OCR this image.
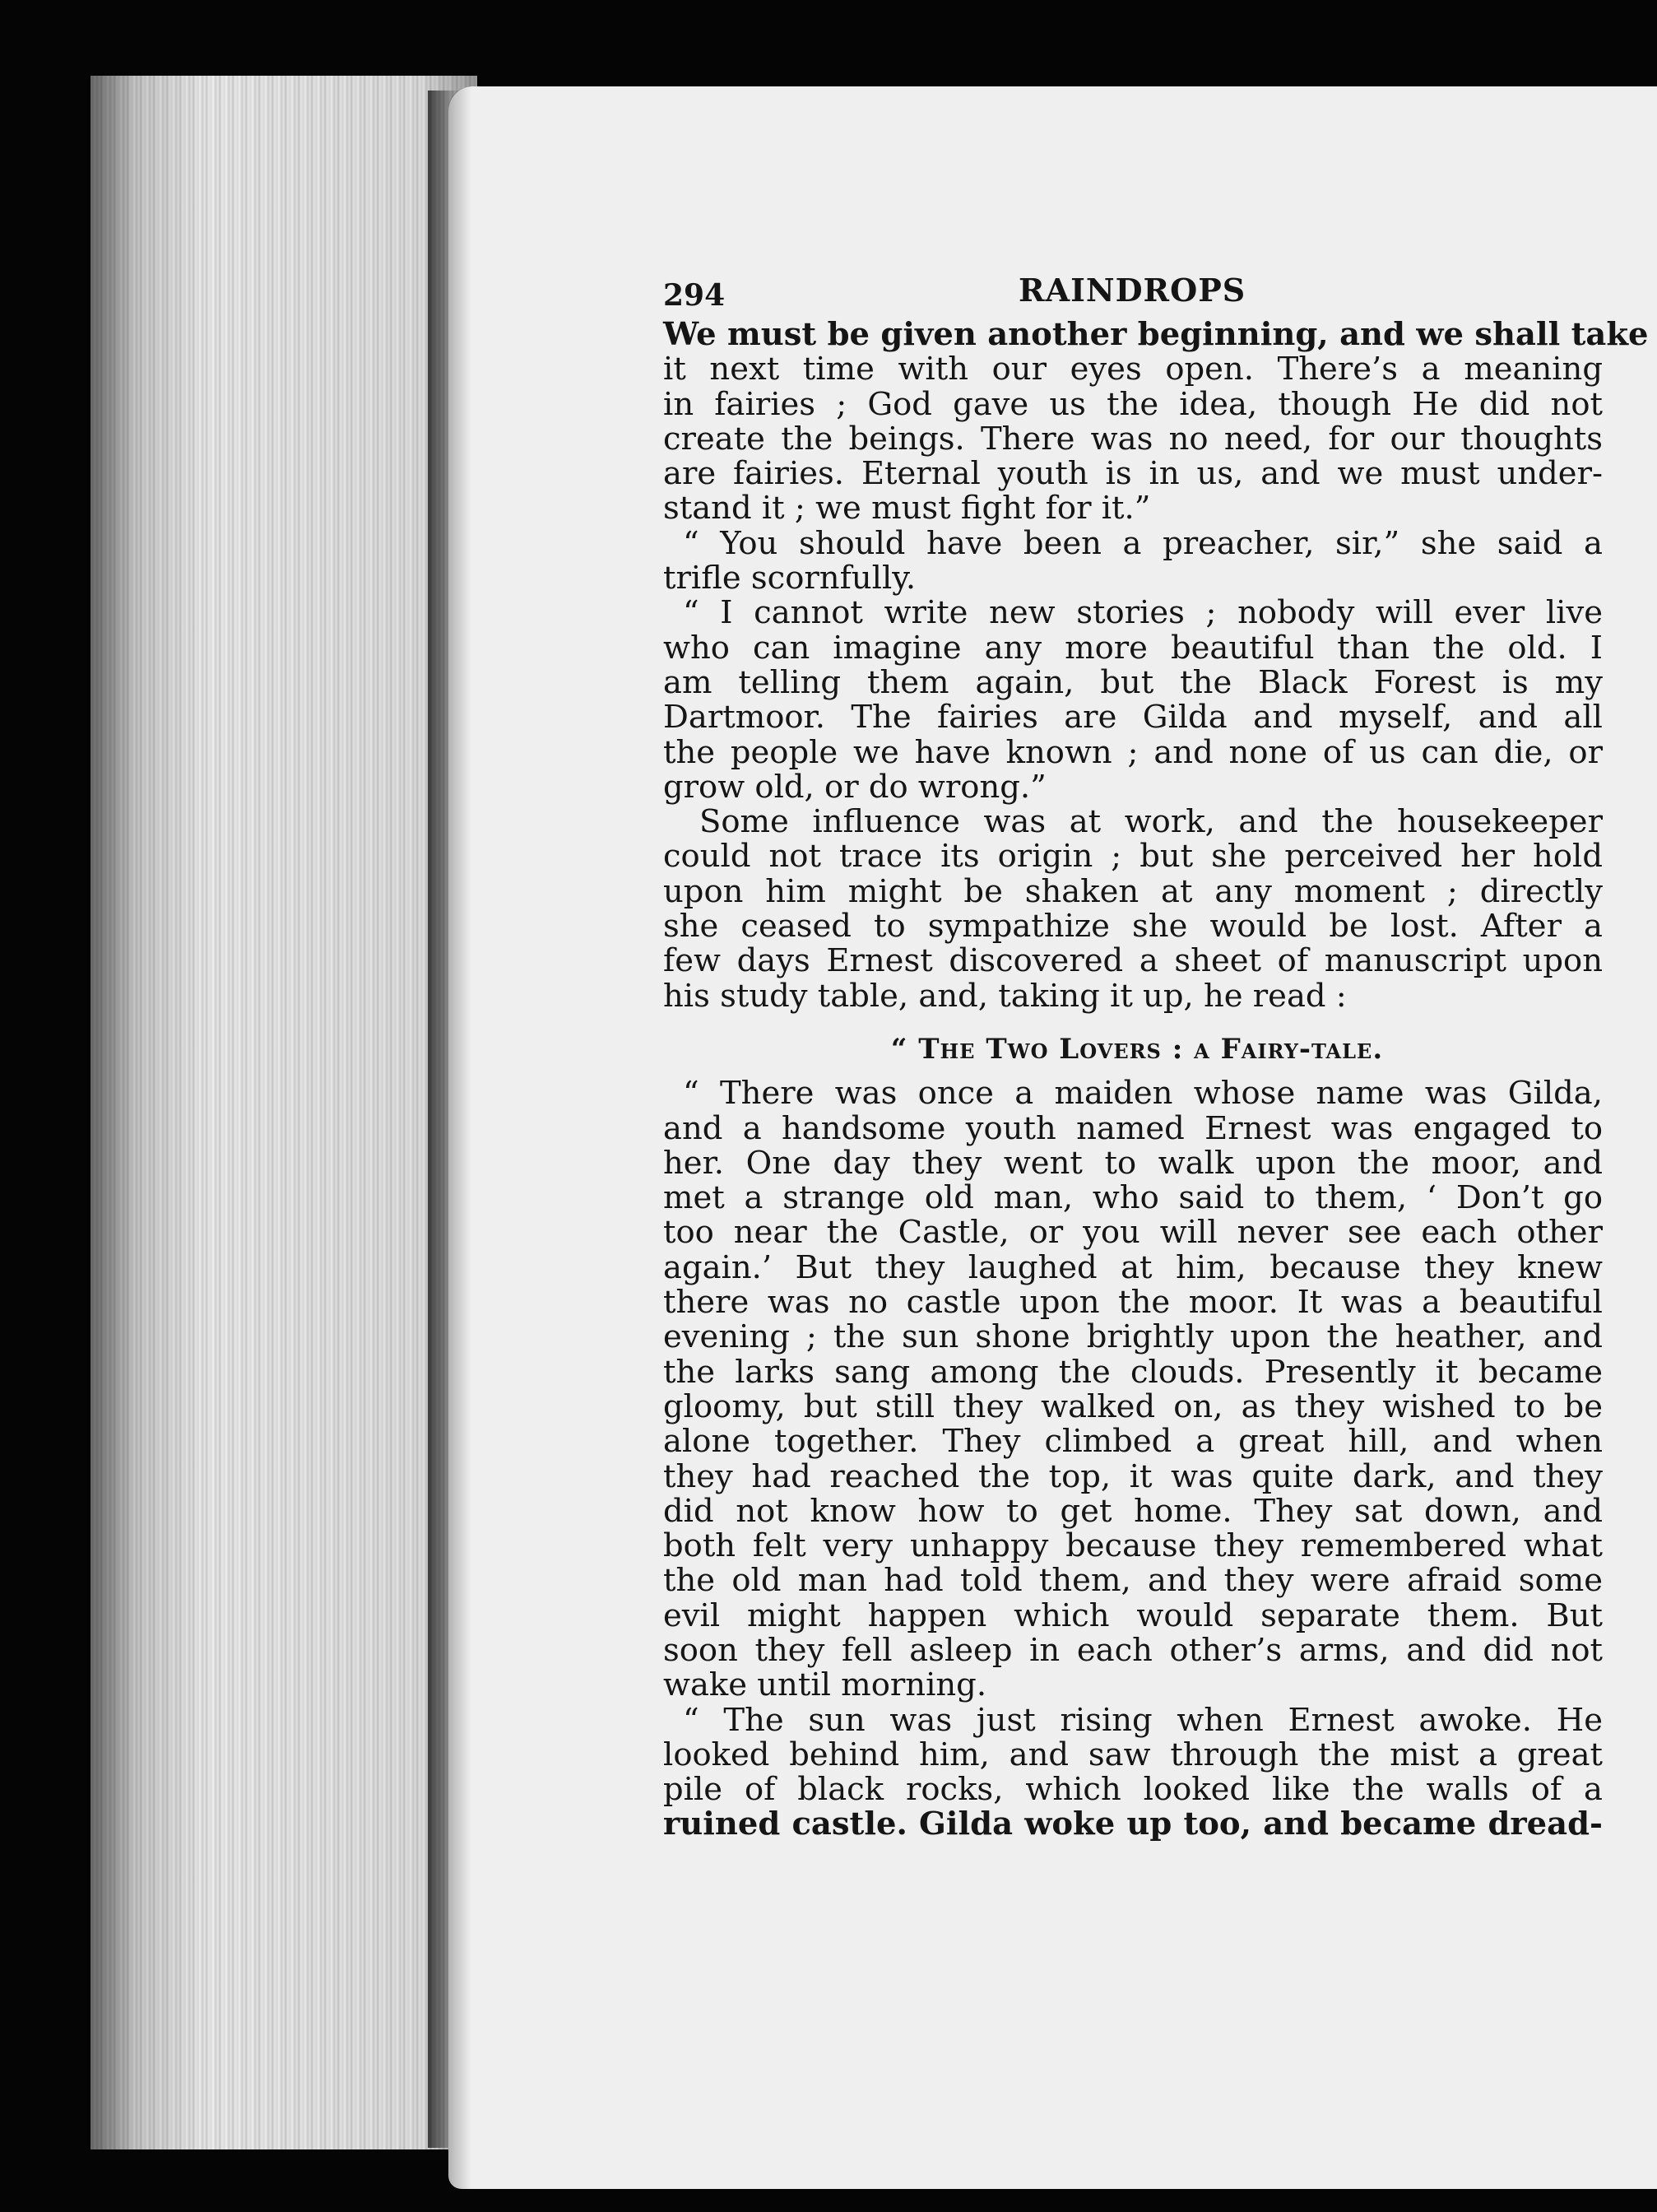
294	RAINDROPS
We must be given another beginning, and we shall take
it next time with our eyes open. There’s a meaning
in fairies ; God gave us the idea, though He did not
create the beings. There was no need, for our thoughts
are fairies. Eternal youth is in us, and we must under-
stand it ; we must fight for it.”
“ You should have been a preacher, sir,” she said a
trifle scornfully.
“ I cannot write new stories ; nobody will ever live
who can imagine any more beautiful than the old. I
am telling them again, but the Black Forest is my
Dartmoor. The fairies are Gilda and myself, and all
the people we have known ; and none of us can die, or
grow old, or do wrong.”
Some influence was at work, and the housekeeper
could not trace its origin ; but she perceived her hold
upon him might be shaken at any moment ; directly
she ceased to sympathize she would be lost. After a
few days Ernest discovered a sheet of manuscript upon
his study table, and, taking it up, he read :
“ The Two Lovers : a Fairy-tale.
“ There was once a maiden whose name was Gilda,
and a handsome youth named Ernest was engaged to
her. One day they went to walk upon the moor, and
met a strange old man, who said to them, ‘ Don’t go
too near the Castle, or you will never see each other
again.’ But they laughed at him, because they knew
there was no castle upon the moor. It was a beautiful
evening ; the sun shone brightly upon the heather, and
the larks sang among the clouds. Presently it became
gloomy, but still they walked on, as they wished to be
alone together. They climbed a great hill, and when
they had reached the top, it was quite dark, and they
did not know how to get home. They sat down, and
both felt very unhappy because they remembered what
the old man had told them, and they were afraid some
evil might happen which would separate them. But
soon they fell asleep in each other’s arms, and did not
wake until morning.
“ The sun was just rising when Ernest awoke. He
looked behind him, and saw through the mist a great
pile of black rocks, which looked like the walls of a
ruined castle. Gilda woke up too, and became dread-
